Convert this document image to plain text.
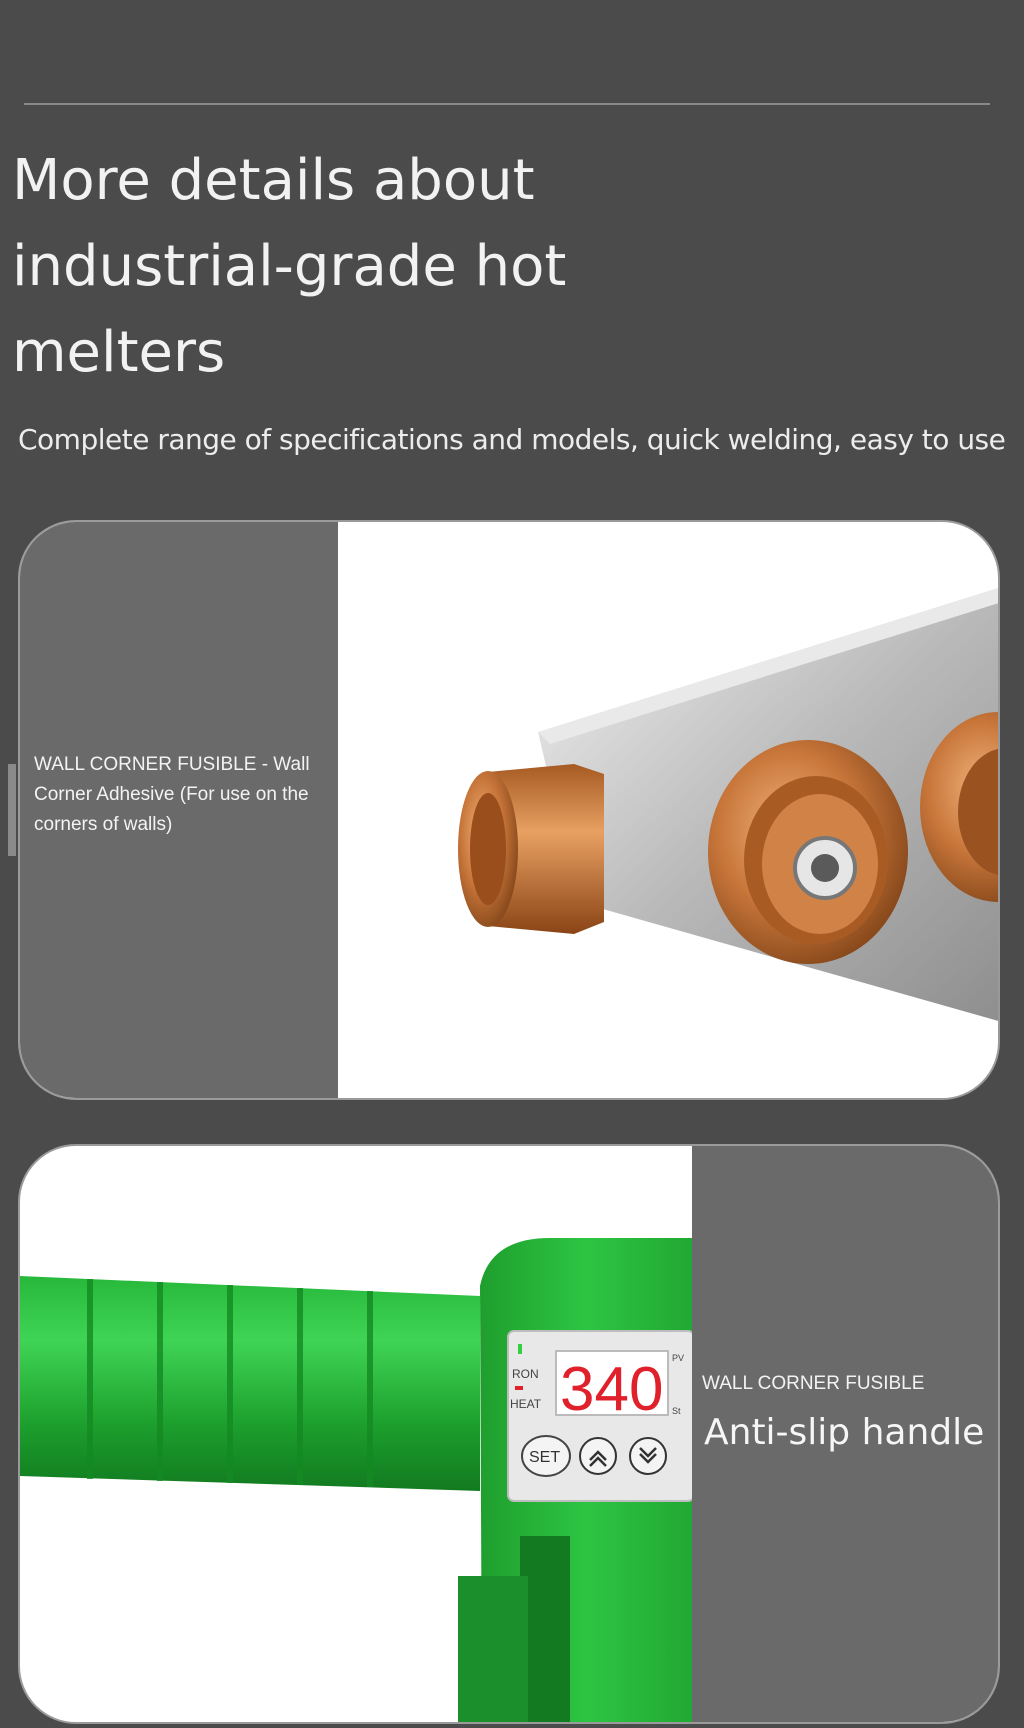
More details about industrial-grade hot melters
Complete range of specifications and models, quick welding, easy to use
WALL CORNER FUSIBLE - Wall Corner Adhesive (For use on the corners of walls)
340
RON
HEAT
PV
St
SET
WALL CORNER FUSIBLE
Anti-slip handle
